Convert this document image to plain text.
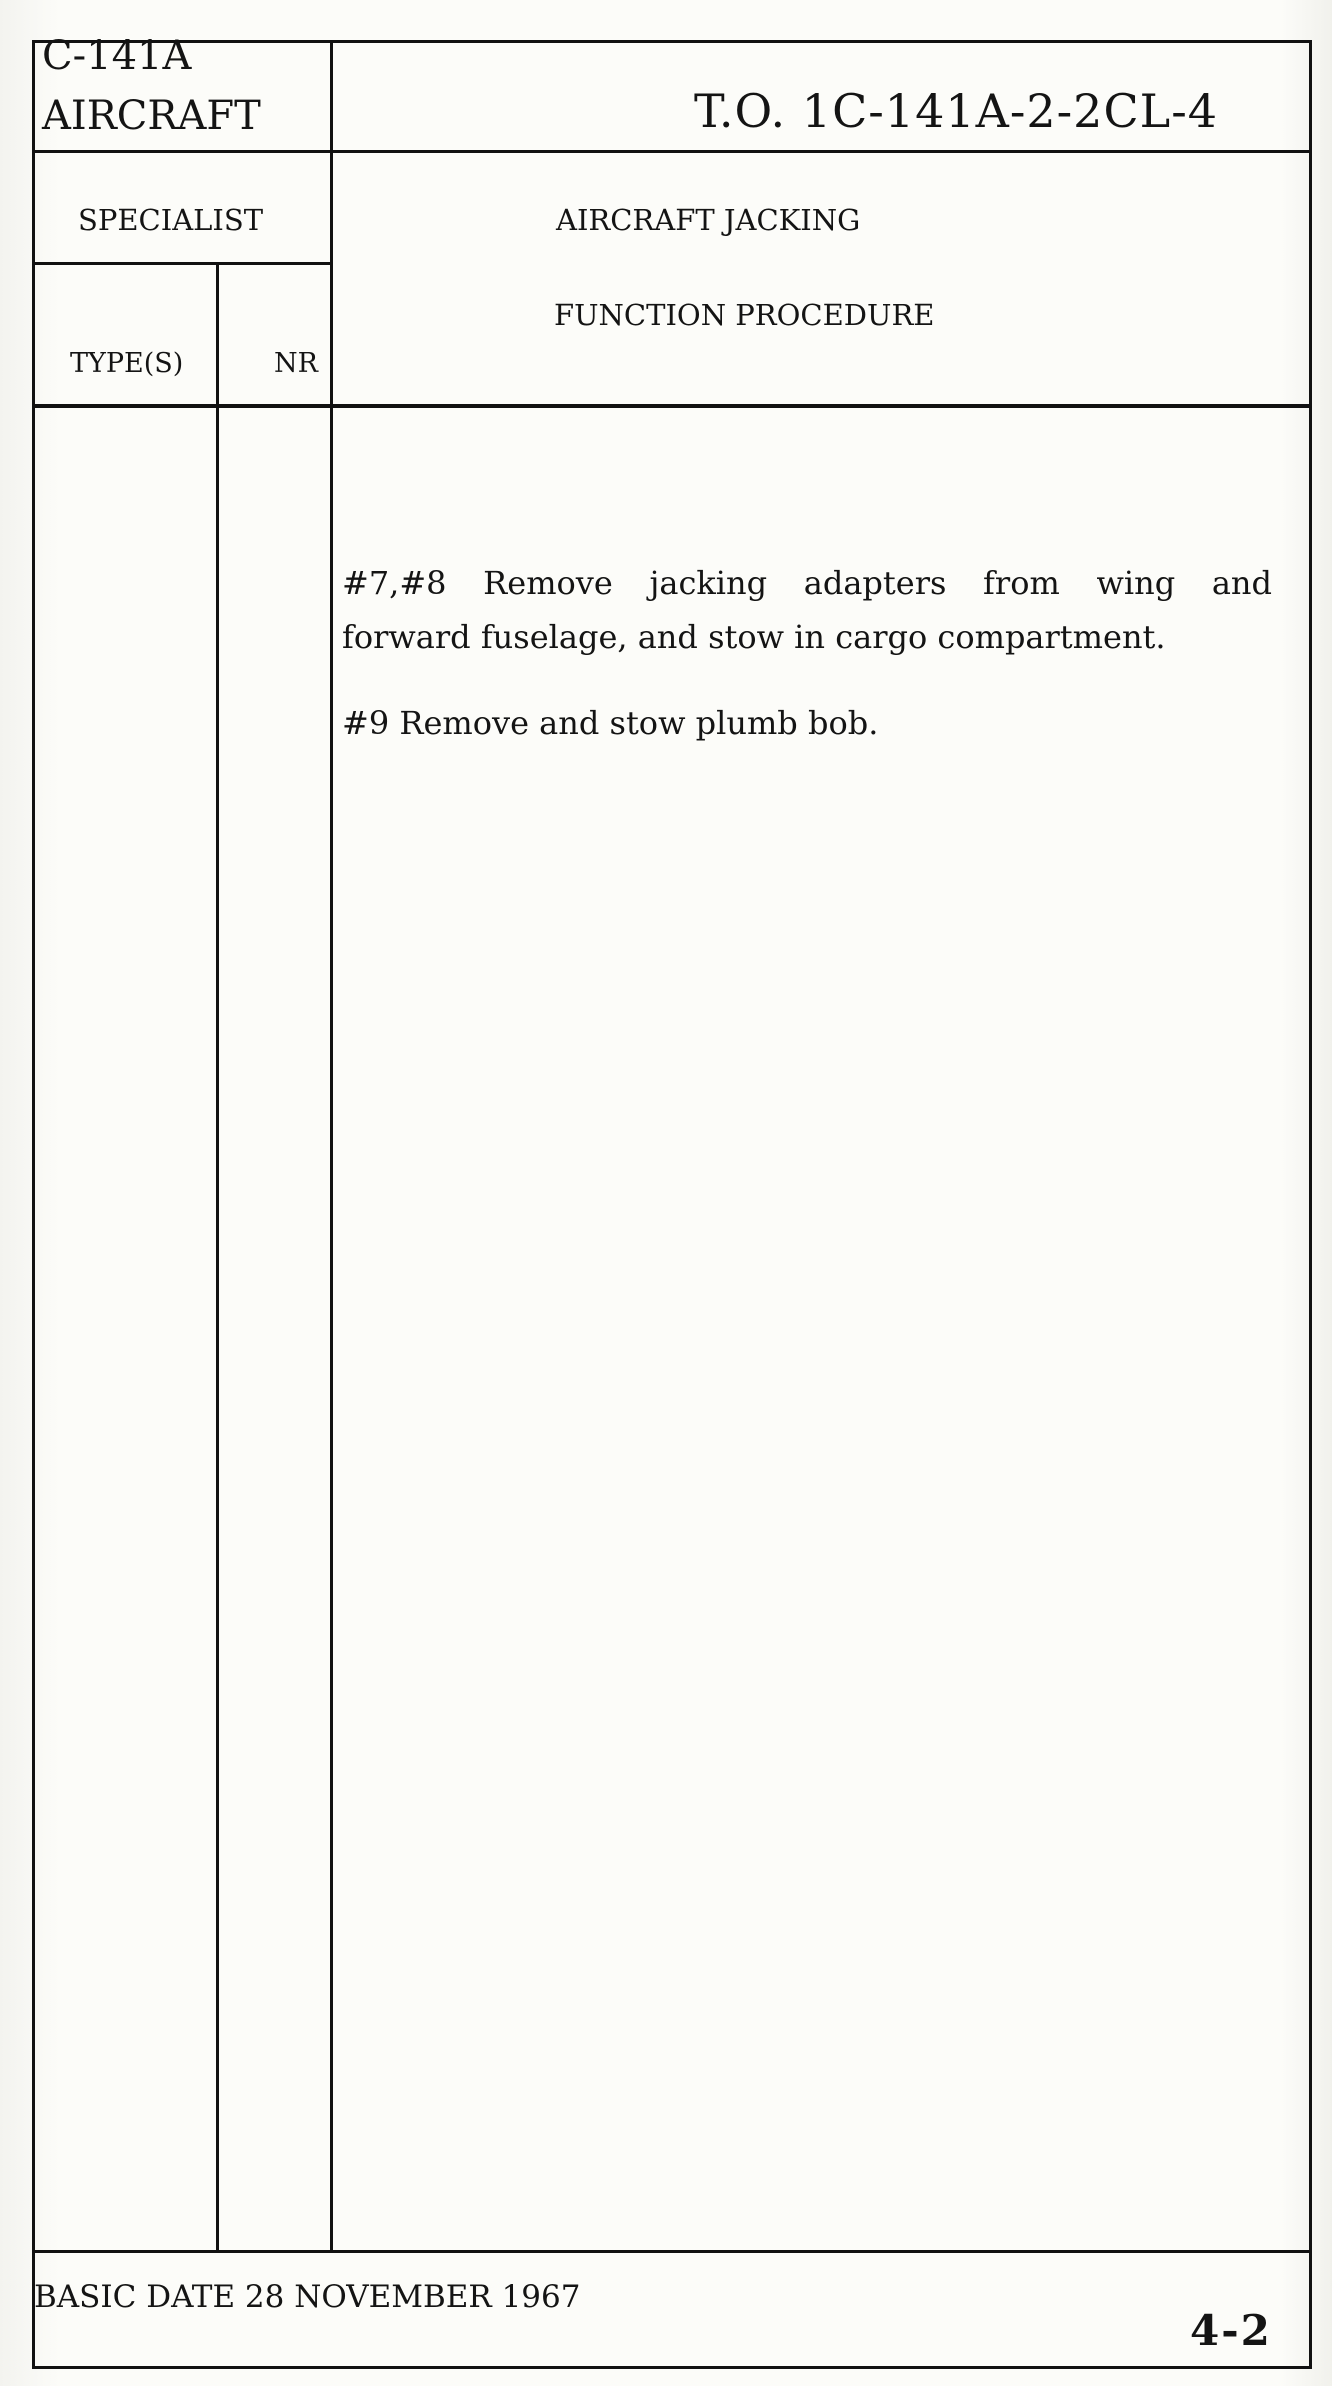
C-141A
AIRCRAFT	T.O. 1C-141A-2-2CL-4
SPECIALIST
TYPE(S)	NR
AIRCRAFT JACKING
FUNCTION PROCEDURE
#7,#8 Remove jacking adapters from wing and
forward fuselage, and stow in cargo compartment.
#9 Remove and stow plumb bob.
BASIC DATE 28 NOVEMBER 1967
4-2
